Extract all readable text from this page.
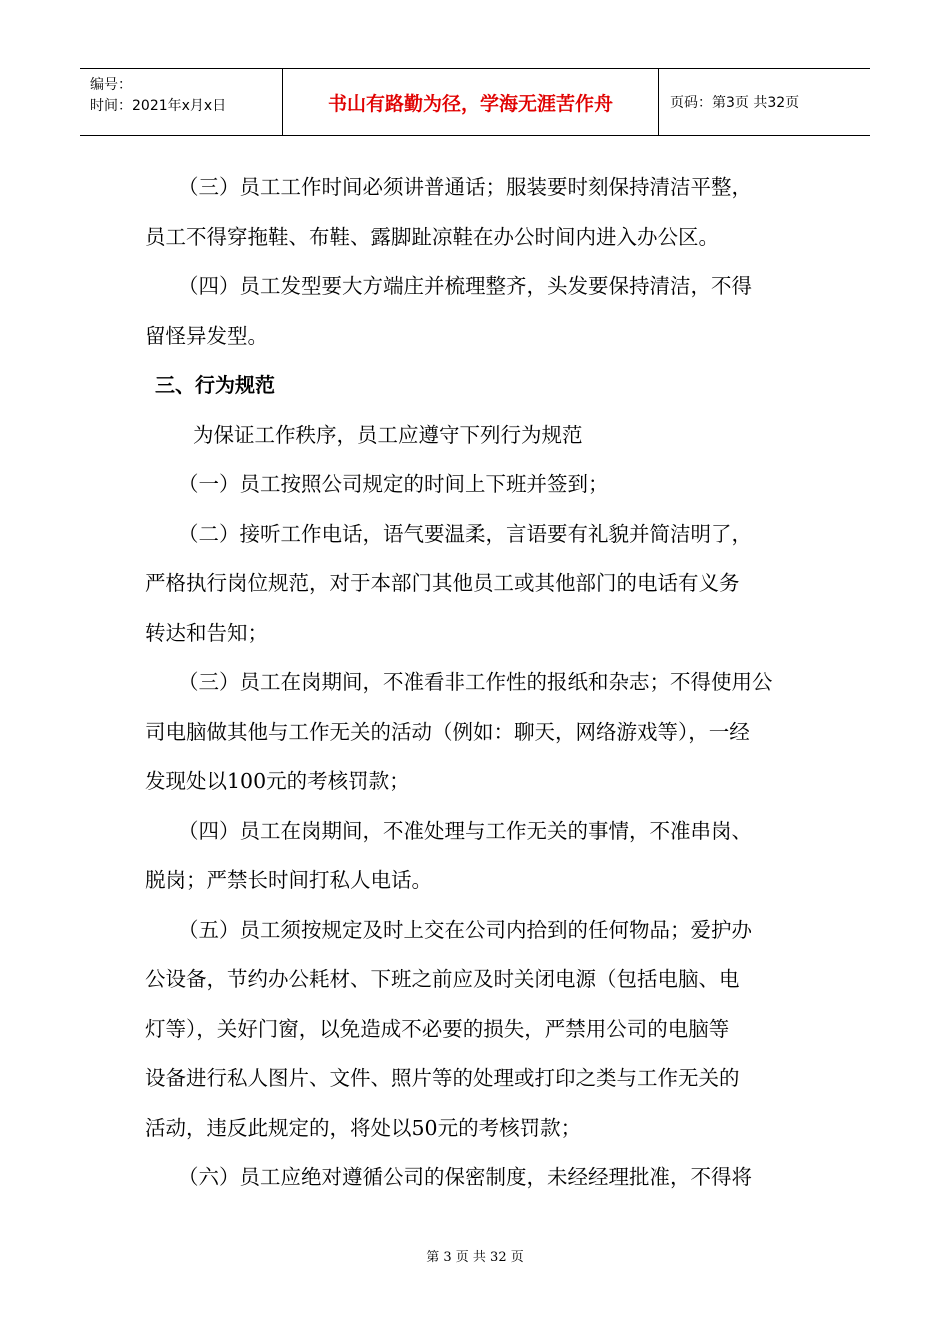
编号：
时间：2021年x月x日	书山有路勤为径，学海无涯苦作舟	页码：第3页 共32页

（三）员工工作时间必须讲普通话；服装要时刻保持清洁平整，

员工不得穿拖鞋、布鞋、露脚趾凉鞋在办公时间内进入办公区。

（四）员工发型要大方端庄并梳理整齐，头发要保持清洁，不得

留怪异发型。

三、行为规范

为保证工作秩序，员工应遵守下列行为规范

（一）员工按照公司规定的时间上下班并签到；

（二）接听工作电话，语气要温柔，言语要有礼貌并简洁明了，

严格执行岗位规范，对于本部门其他员工或其他部门的电话有义务

转达和告知；

（三）员工在岗期间，不准看非工作性的报纸和杂志；不得使用公

司电脑做其他与工作无关的活动（例如：聊天，网络游戏等），一经

发现处以100元的考核罚款；

（四）员工在岗期间，不准处理与工作无关的事情，不准串岗、

脱岗；严禁长时间打私人电话。

（五）员工须按规定及时上交在公司内拾到的任何物品；爱护办

公设备，节约办公耗材、下班之前应及时关闭电源（包括电脑、电

灯等），关好门窗，以免造成不必要的损失，严禁用公司的电脑等

设备进行私人图片、文件、照片等的处理或打印之类与工作无关的

活动，违反此规定的，将处以50元的考核罚款；

（六）员工应绝对遵循公司的保密制度，未经经理批准，不得将

第 3 页 共 32 页
